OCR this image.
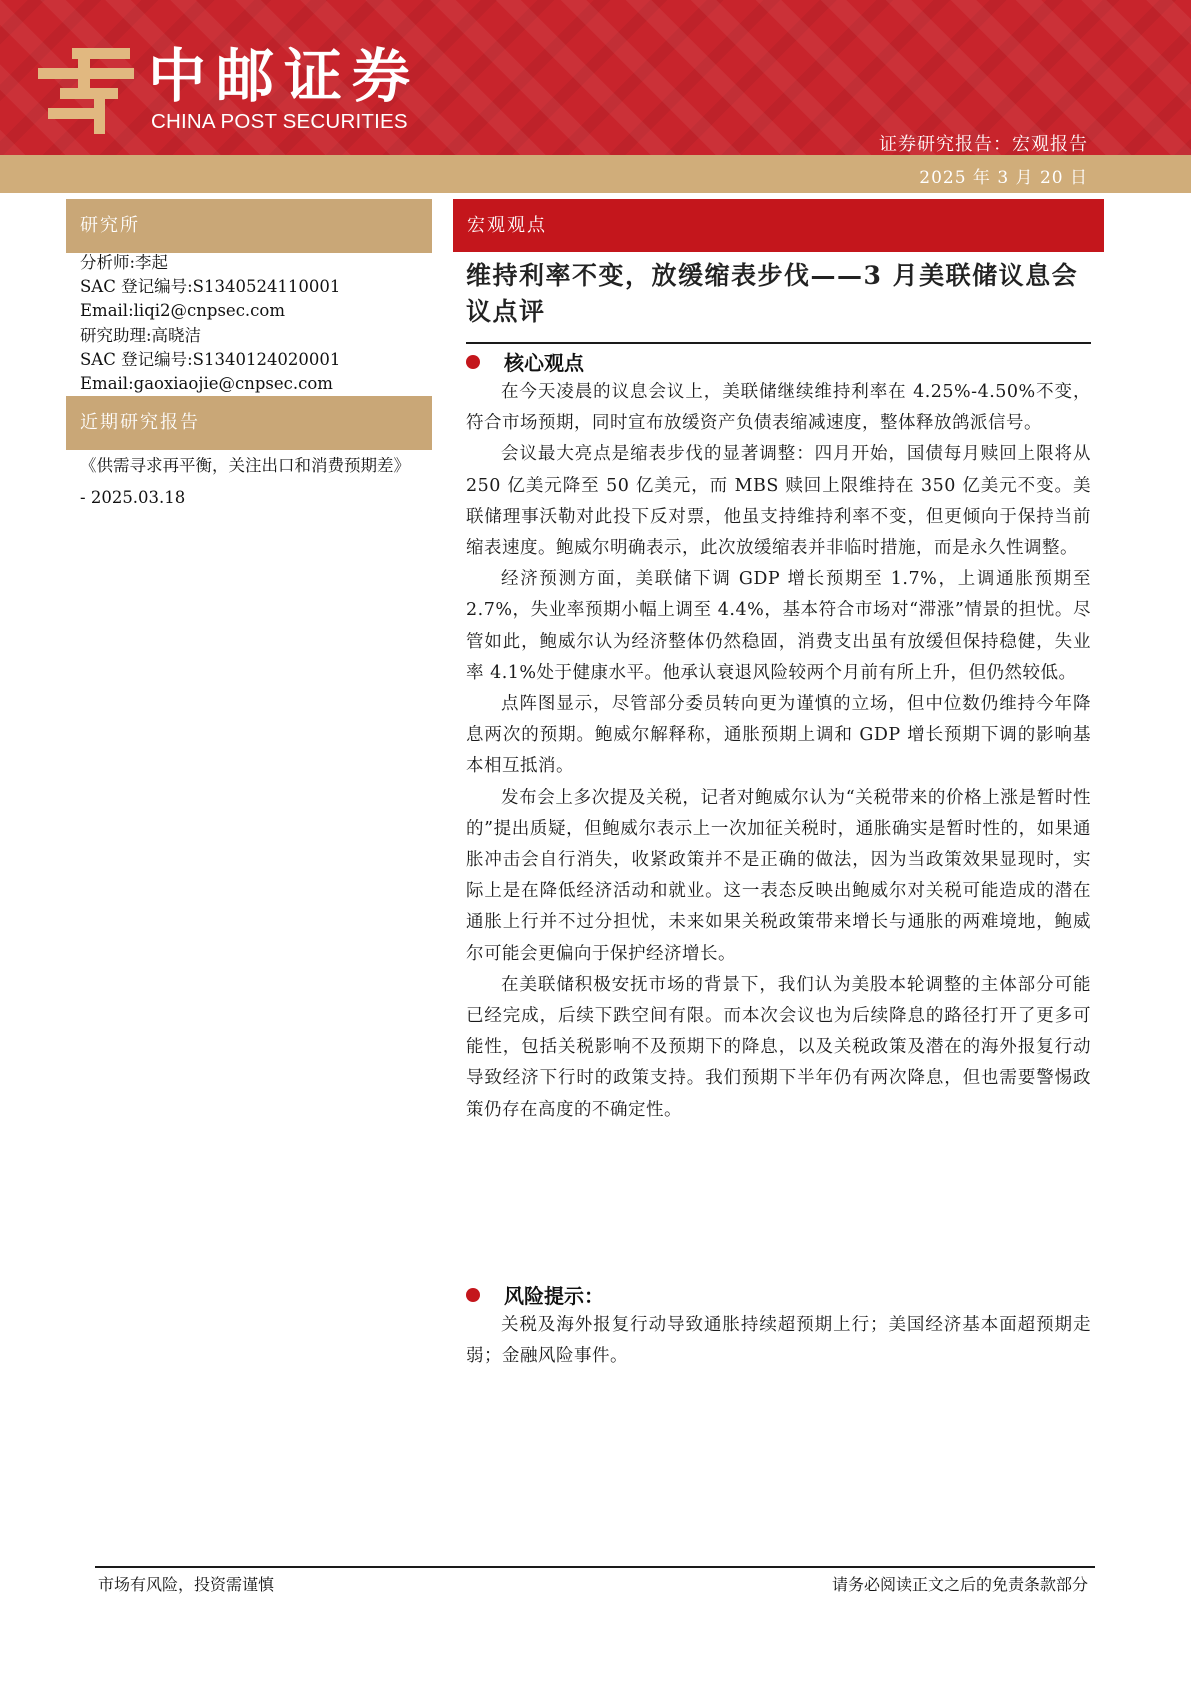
中邮证券
CHINA POST SECURITIES
证券研究报告：宏观报告
2025 年 3 月 20 日
研究所
分析师:李起
SAC 登记编号:S1340524110001
Email:liqi2@cnpsec.com
研究助理:高晓洁
SAC 登记编号:S1340124020001
Email:gaoxiaojie@cnpsec.com
近期研究报告
《供需寻求再平衡，关注出口和消费预期差》 - 2025.03.18
宏观观点
维持利率不变，放缓缩表步伐——3 月美联储议息会议点评
核心观点

在今天凌晨的议息会议上，美联储继续维持利率在 4.25%-4.50%不变，符合市场预期，同时宣布放缓资产负债表缩减速度，整体释放鸽派信号。

会议最大亮点是缩表步伐的显著调整：四月开始，国债每月赎回上限将从 250 亿美元降至 50 亿美元，而 MBS 赎回上限维持在 350 亿美元不变。美联储理事沃勒对此投下反对票，他虽支持维持利率不变，但更倾向于保持当前缩表速度。鲍威尔明确表示，此次放缓缩表并非临时措施，而是永久性调整。

经济预测方面，美联储下调 GDP 增长预期至 1.7%，上调通胀预期至 2.7%，失业率预期小幅上调至 4.4%，基本符合市场对“滞涨”情景的担忧。尽管如此，鲍威尔认为经济整体仍然稳固，消费支出虽有放缓但保持稳健，失业率 4.1%处于健康水平。他承认衰退风险较两个月前有所上升，但仍然较低。

点阵图显示，尽管部分委员转向更为谨慎的立场，但中位数仍维持今年降息两次的预期。鲍威尔解释称，通胀预期上调和 GDP 增长预期下调的影响基本相互抵消。

发布会上多次提及关税，记者对鲍威尔认为“关税带来的价格上涨是暂时性的”提出质疑，但鲍威尔表示上一次加征关税时，通胀确实是暂时性的，如果通胀冲击会自行消失，收紧政策并不是正确的做法，因为当政策效果显现时，实际上是在降低经济活动和就业。这一表态反映出鲍威尔对关税可能造成的潜在通胀上行并不过分担忧，未来如果关税政策带来增长与通胀的两难境地，鲍威尔可能会更偏向于保护经济增长。

在美联储积极安抚市场的背景下，我们认为美股本轮调整的主体部分可能已经完成，后续下跌空间有限。而本次会议也为后续降息的路径打开了更多可能性，包括关税影响不及预期下的降息，以及关税政策及潜在的海外报复行动导致经济下行时的政策支持。我们预期下半年仍有两次降息，但也需要警惕政策仍存在高度的不确定性。

风险提示：

关税及海外报复行动导致通胀持续超预期上行；美国经济基本面超预期走弱；金融风险事件。

市场有风险，投资需谨慎	请务必阅读正文之后的免责条款部分
